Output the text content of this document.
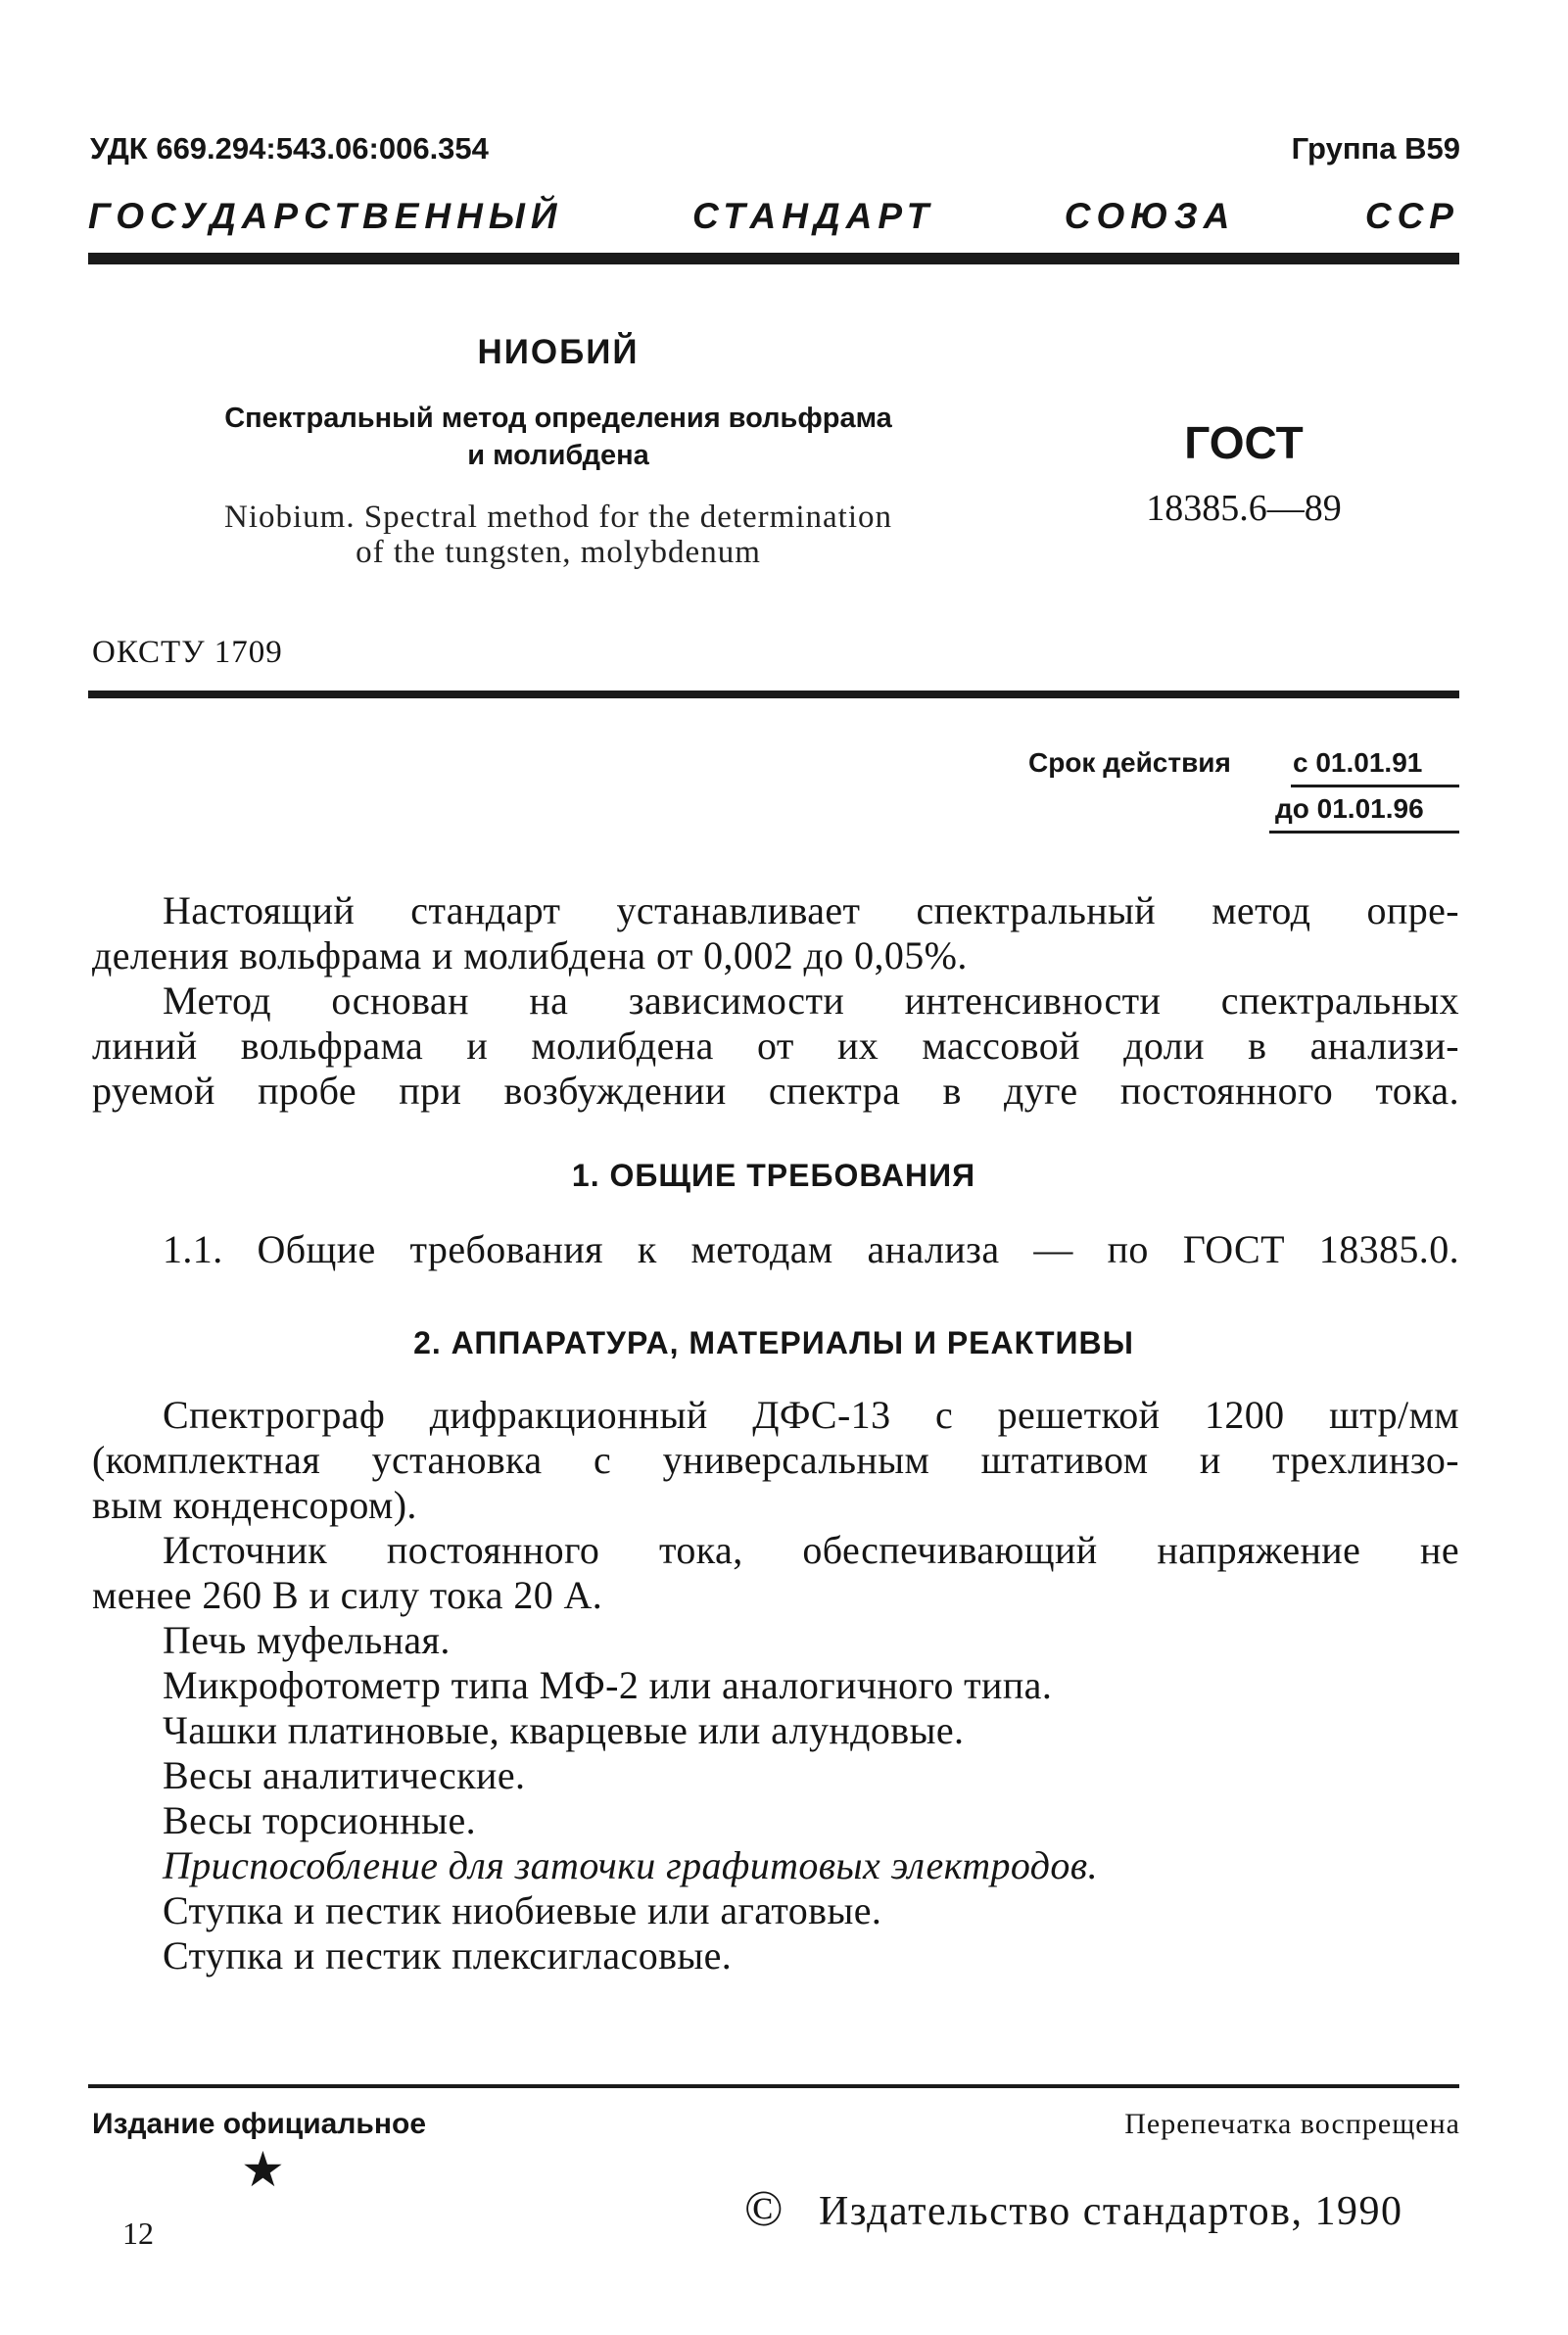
УДК 669.294:543.06:006.354	Группа В59
ГОСУДАРСТВЕННЫЙ СТАНДАРТ СОЮЗА ССР
НИОБИЙ
Спектральный метод определения вольфрама
и молибдена
Niobium. Spectral method for the determination
of the tungsten, molybdenum
ГОСТ
18385.6—89
ОКСТУ 1709
Срок действия с 01.01.91
до 01.01.96

Настоящий стандарт устанавливает спектральный метод опре-

деления вольфрама и молибдена от 0,002 до 0,05%.

Метод основан на зависимости интенсивности спектральных

линий вольфрама и молибдена от их массовой доли в анализи-

руемой пробе при возбуждении спектра в дуге постоянного тока.

1. ОБЩИЕ ТРЕБОВАНИЯ

1.1. Общие требования к методам анализа — по ГОСТ 18385.0.

2. АППАРАТУРА, МАТЕРИАЛЫ И РЕАКТИВЫ

Спектрограф дифракционный ДФС-13 с решеткой 1200 штр/мм

(комплектная установка с универсальным штативом и трехлинзо-

вым конденсором).

Источник постоянного тока, обеспечивающий напряжение не

менее 260 В и силу тока 20 А.

Печь муфельная.

Микрофотометр типа МФ-2 или аналогичного типа.

Чашки платиновые, кварцевые или алундовые.

Весы аналитические.

Весы торсионные.

Приспособление для заточки графитовых электродов.

Ступка и пестик ниобиевые или агатовые.

Ступка и пестик плексигласовые.

Издание официальное	Перепечатка воспрещена
★
© Издательство стандартов, 1990
12
